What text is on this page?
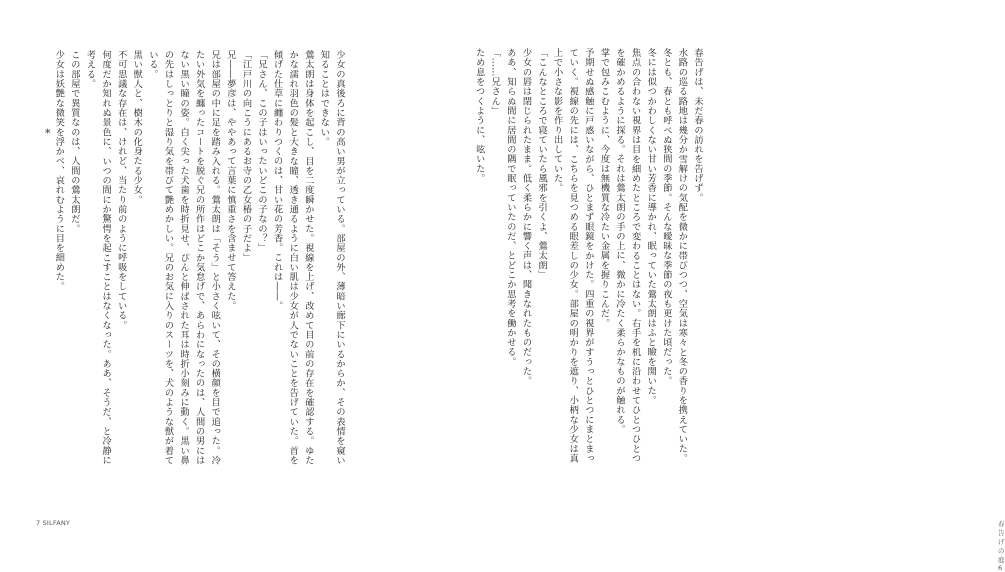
*	少女の真後ろに背の高い男が立っている。部屋の外、薄暗い廊下にいるからか、その表情を窺い知ることはできない。

鶯太朗は身体を起こし、目を二度瞬かせた。視線を上げ、改めて目の前の存在を確認する。ゆたかな濡れ羽色の髪と大きな瞳、透き通るように白い肌は少女が人でないことを告げていた。首を傾げた仕草に纏わりつくのは、甘い花の芳香。これは――。

「兄さん、この子はいったいどこの子なの？」

「江戸川の向こうにあるお寺の乙女椿の子だよ」

兄――夢彦は、ややあって言葉に慎重さを含ませて答えた。

兄は部屋の中に足を踏み入れる。鶯太朗は「そう」と小さく呟いて、その横顔を目で追った。冷たい外気を纏ったコートを脱ぐ兄の所作はどこか気怠げで、あらわになったのは、人間の男にはない黒い瞳の姿。白く尖った犬歯を時折見せ、ぴんと伸ばされた耳は時折小刻みに動く。黒い鼻の先はしっとりと湿り気を帯びて艶めかしい。兄のお気に入りのスーツを、犬のような獣が着ている。

黒い獣人と、樹木の化身たる少女。

不可思議な存在は、けれど、当たり前のように呼吸をしている。

何度だか知れぬ景色に、いつの間にか驚愕を起こすことはなくなった。ああ、そうだ、と冷静に考える。

この部屋で異質なのは、人間の鶯太朗だ。

少女は妖艶な微笑を浮かべ、哀れむように目を細めた。

7 SILFANY

春告げは、未だ春の訪れを告げず。

水路の巡る路地は幾分か雪解けの気配を微かに帯びつつ、空気は寒々と冬の香りを携えていた。冬とも、春とも呼べぬ狭間の季節。そんな曖昧な季節の夜も更けた頃だった。

冬には似つかわしくない甘い芳香に導かれ、眠っていた鶯太朗はふと瞼を開いた。

焦点の合わない視界は目を細めたところで変わることはない。右手を机に沿わせてひとつひとつを確かめるように探る。それは鶯太朗の手の上に、微かに冷たく柔らかなものが触れる。

掌で包みこむように、今度は無機質な冷たい金属を握りこんだ。

予期せぬ感触に戸惑いながら、ひとまず眼鏡をかけた。四重の視界がすうっとひとつにまとまっていく。視線の先には、こちらを見つめる眼差しの少女。部屋の明かりを遮り、小柄な少女は真上で小さな影を作り出していた。

「こんなところで寝ていたら風邪を引くよ、鶯太朗」

少女の唇は閉じられたまま。低く柔らかに響く声は、聞きなれたものだった。

ああ、知らぬ間に居間の隅で眠っていたのだ、とどこか思考を働かせる。

「……兄さん」

ため息をつくように、呟いた。

春告げの庭 6
